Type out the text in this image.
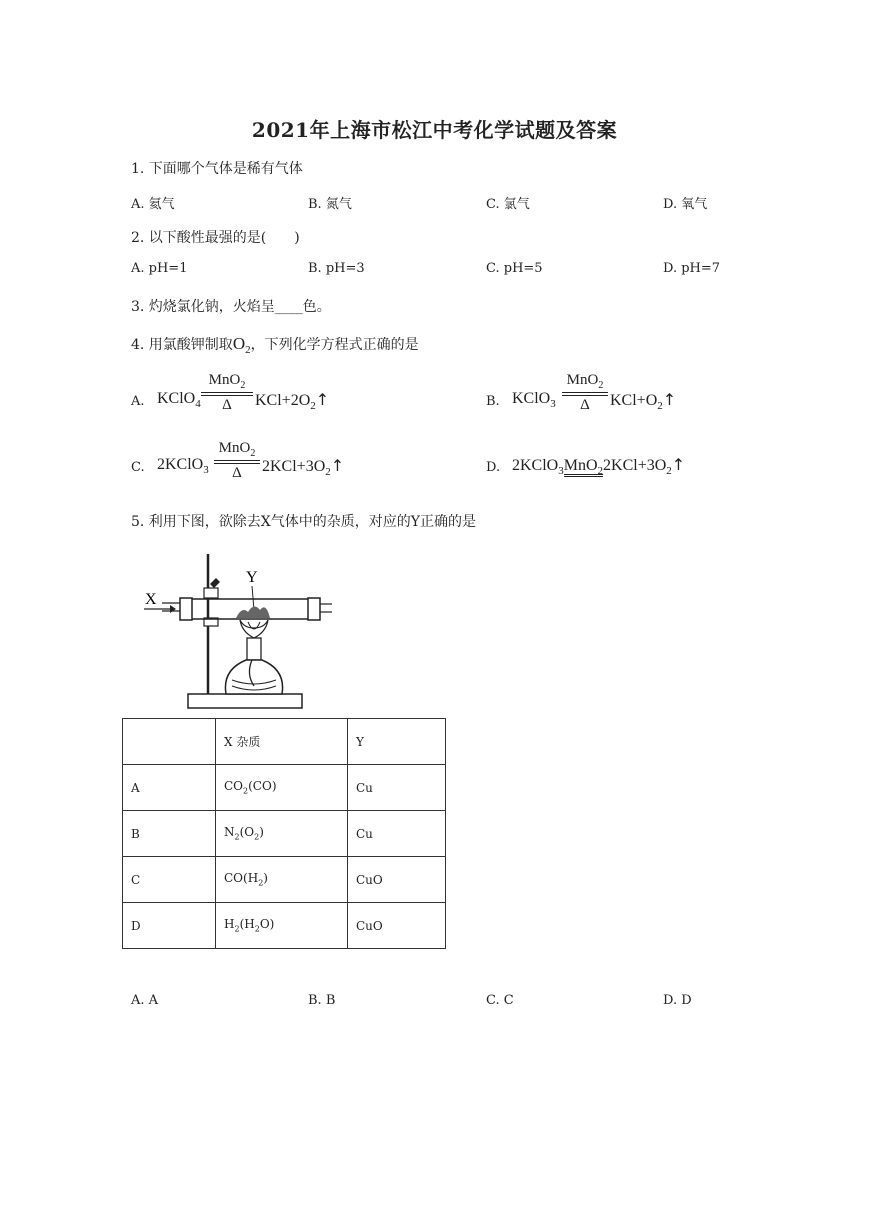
2021年上海市松江中考化学试题及答案
1. 下面哪个气体是稀有气体
A. 氦气	B. 氮气	C. 氯气	D. 氧气
2. 以下酸性最强的是(　　)
A. pH=1	B. pH=3	C. pH=5	D. pH=7
3. 灼烧氯化钠，火焰呈____色。
4. 用氯酸钾制取$O_2$，下列化学方程式正确的是
A. KClO$_4$
MnO$_2$
Δ	$KCl+2O_2↑$	B. KClO$_3$
MnO$_2$
Δ	$KCl+O_2↑$
C. 2KClO$_3$
MnO$_2$
Δ	$2KCl+3O_2↑$	D. $2KClO_3MnO_22KCl+3O_2↑$
5. 利用下图，欲除去X气体中的杂质，对应的Y正确的是
X
Y
	X 杂质	Y
A	$CO_2(CO)$	Cu
B	$N_2(O_2)$	Cu
C	$CO(H_2)$	CuO
D	$H_2(H_2O)$	CuO
A. A	B. B	C. C	D. D
